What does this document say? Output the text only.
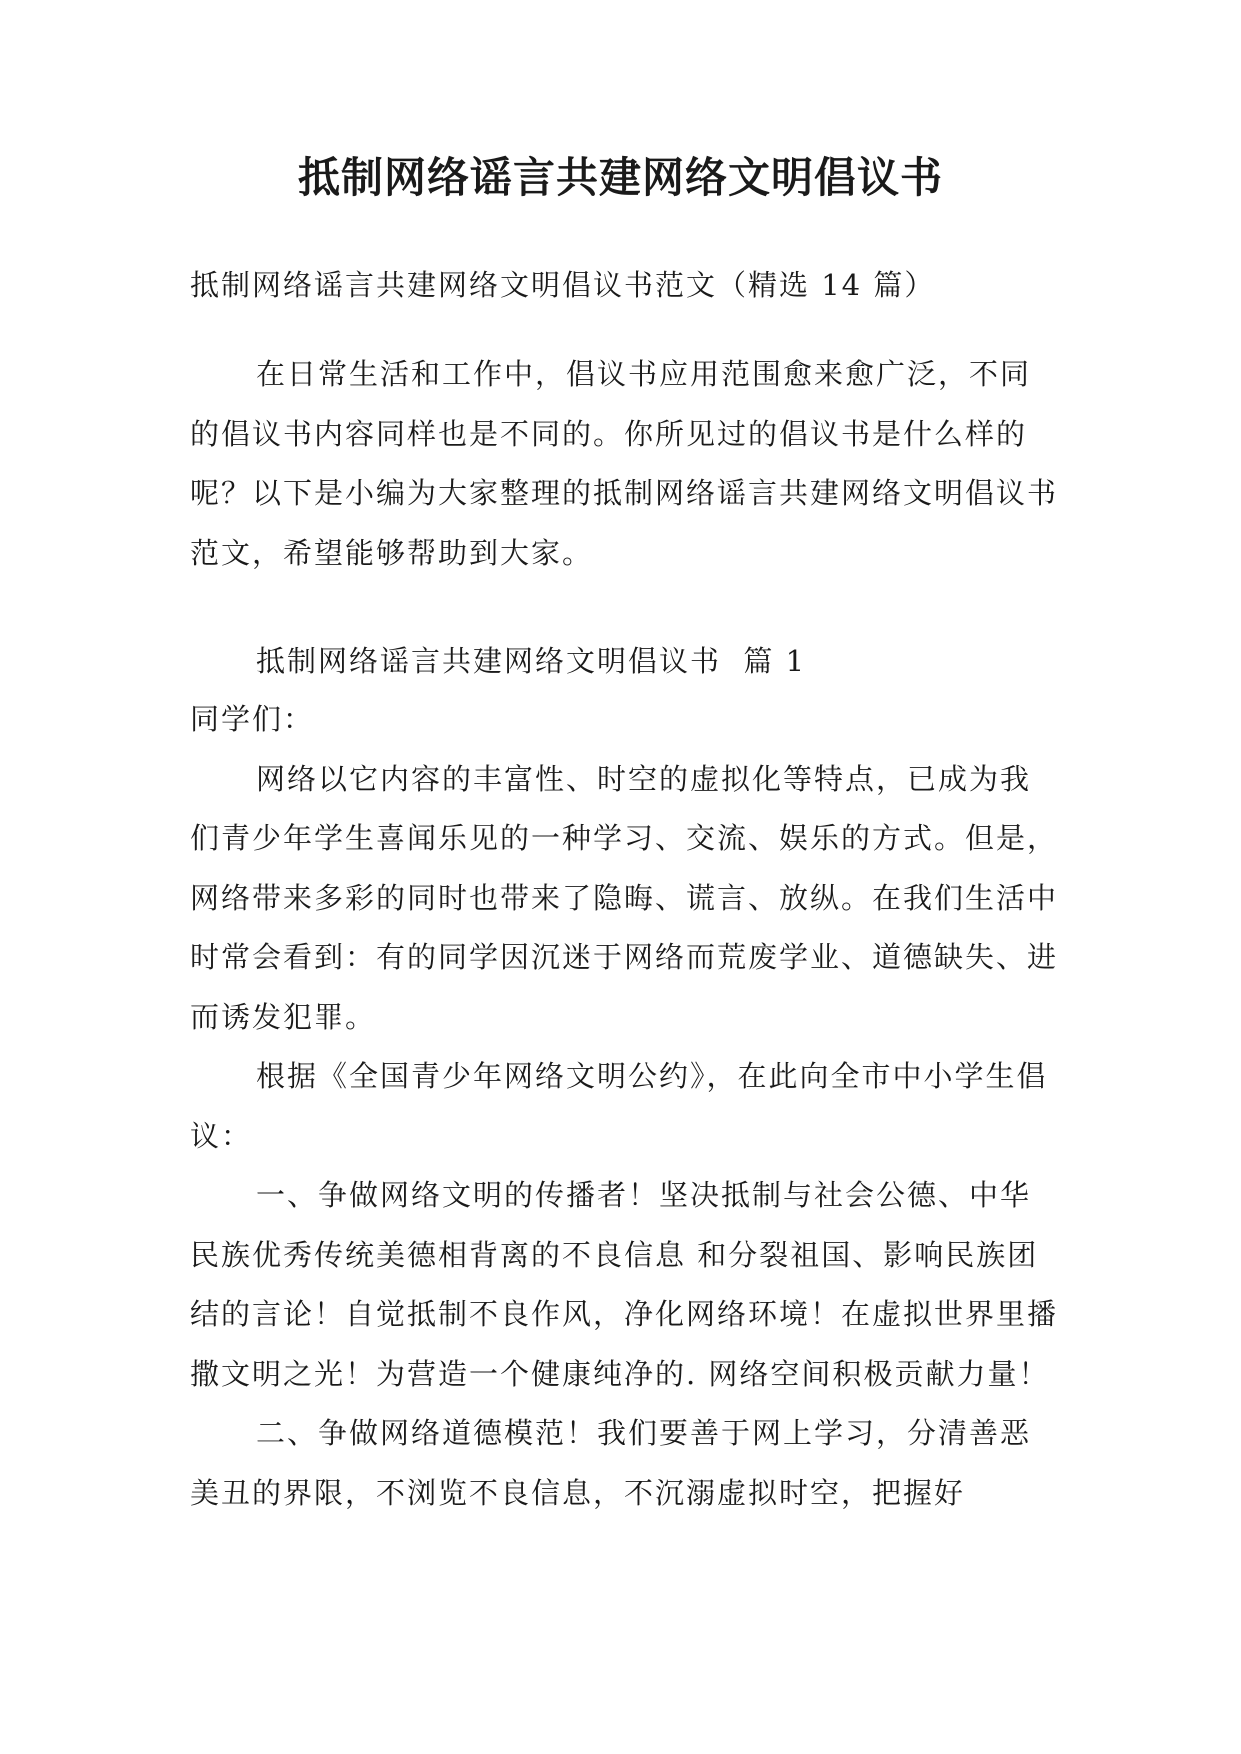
抵制网络谣言共建网络文明倡议书

抵制网络谣言共建网络文明倡议书范文（精选 14 篇）

在日常生活和工作中，倡议书应用范围愈来愈广泛，不同的倡议书内容同样也是不同的。你所见过的倡议书是什么样的呢？以下是小编为大家整理的抵制网络谣言共建网络文明倡议书范文，希望能够帮助到大家。

抵制网络谣言共建网络文明倡议书  篇 1

同学们：

网络以它内容的丰富性、时空的虚拟化等特点，已成为我们青少年学生喜闻乐见的一种学习、交流、娱乐的方式。但是，网络带来多彩的同时也带来了隐晦、谎言、放纵。在我们生活中时常会看到：有的同学因沉迷于网络而荒废学业、道德缺失、进而诱发犯罪。

根据《全国青少年网络文明公约》，在此向全市中小学生倡议：

一、争做网络文明的传播者！坚决抵制与社会公德、中华民族优秀传统美德相背离的不良信息 和分裂祖国、影响民族团结的言论！自觉抵制不良作风，净化网络环境！在虚拟世界里播撒文明之光！为营造一个健康纯净的. 网络空间积极贡献力量！

二、争做网络道德模范！我们要善于网上学习，分清善恶美丑的界限，不浏览不良信息，不沉溺虚拟时空，把握好
